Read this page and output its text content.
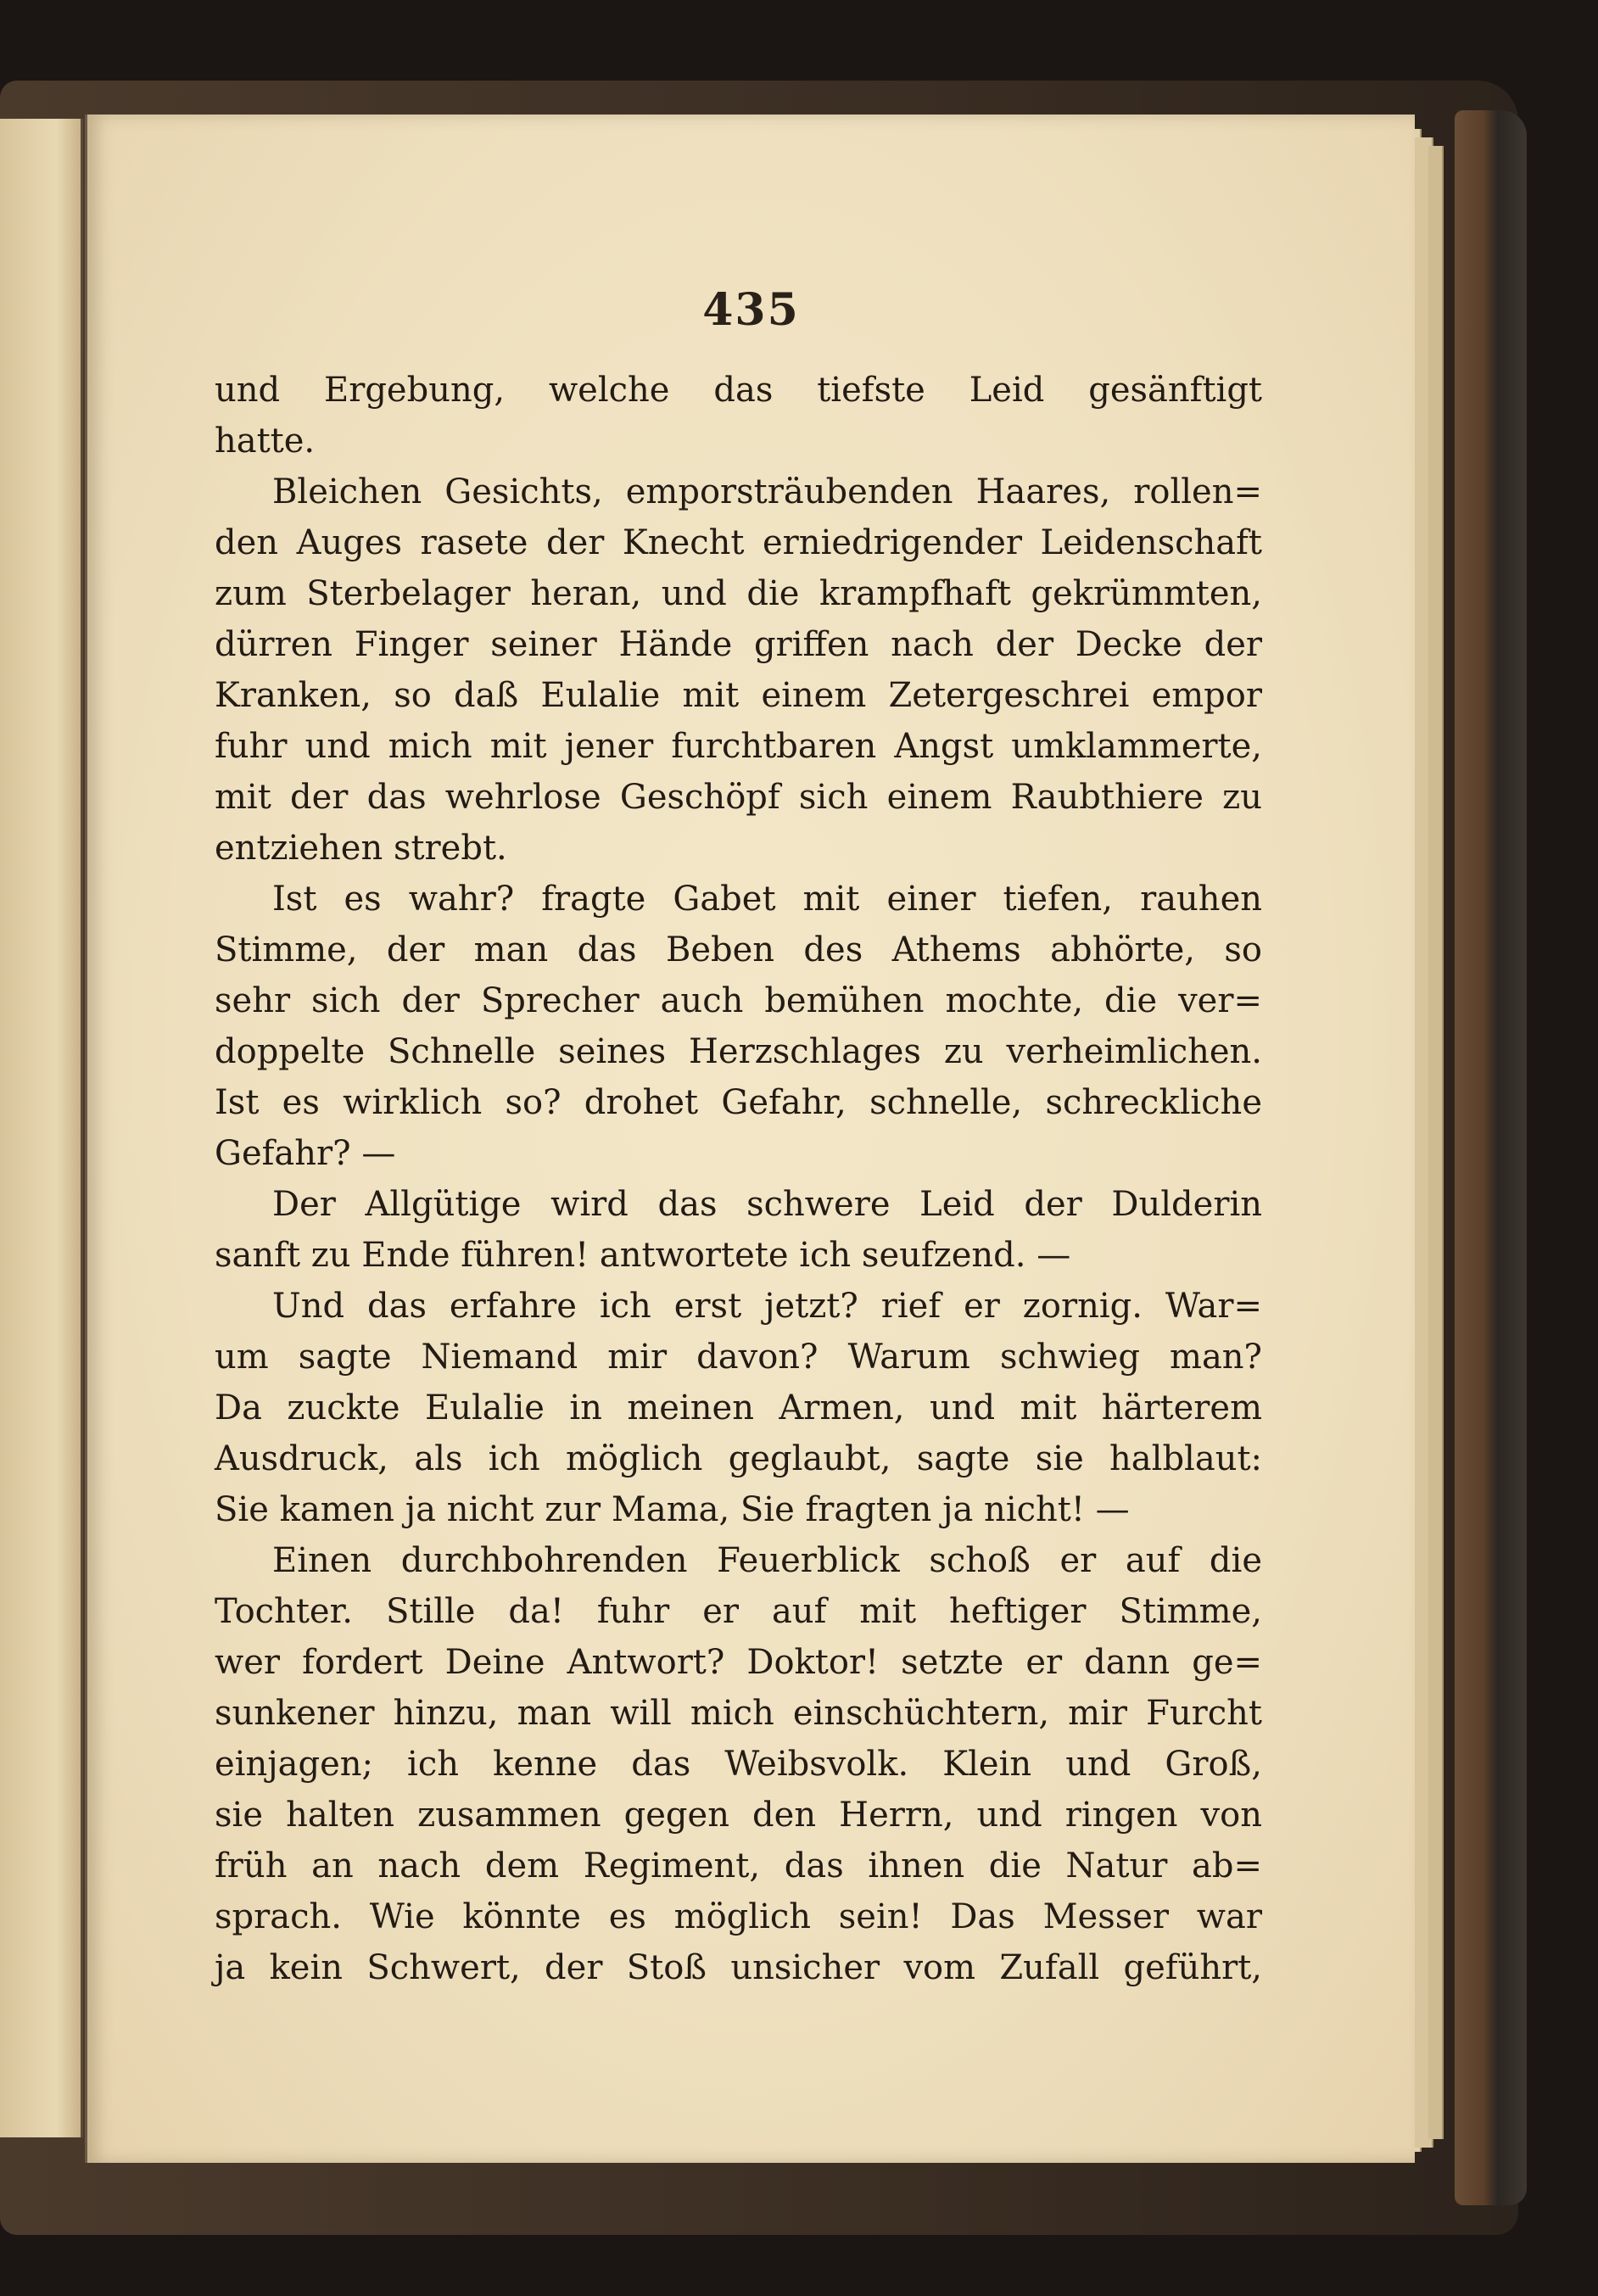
435
und Ergebung, welche das tiefste Leid gesänftigt
hatte.
Bleichen Gesichts, emporsträubenden Haares, rollen=
den Auges rasete der Knecht erniedrigender Leidenschaft
zum Sterbelager heran, und die krampfhaft gekrümmten,
dürren Finger seiner Hände griffen nach der Decke der
Kranken, so daß Eulalie mit einem Zetergeschrei empor
fuhr und mich mit jener furchtbaren Angst umklammerte,
mit der das wehrlose Geschöpf sich einem Raubthiere zu
entziehen strebt.
Ist es wahr? fragte Gabet mit einer tiefen, rauhen
Stimme, der man das Beben des Athems abhörte, so
sehr sich der Sprecher auch bemühen mochte, die ver=
doppelte Schnelle seines Herzschlages zu verheimlichen.
Ist es wirklich so? drohet Gefahr, schnelle, schreckliche
Gefahr? —
Der Allgütige wird das schwere Leid der Dulderin
sanft zu Ende führen! antwortete ich seufzend. —
Und das erfahre ich erst jetzt? rief er zornig. War=
um sagte Niemand mir davon? Warum schwieg man?
Da zuckte Eulalie in meinen Armen, und mit härterem
Ausdruck, als ich möglich geglaubt, sagte sie halblaut:
Sie kamen ja nicht zur Mama, Sie fragten ja nicht! —
Einen durchbohrenden Feuerblick schoß er auf die
Tochter. Stille da! fuhr er auf mit heftiger Stimme,
wer fordert Deine Antwort? Doktor! setzte er dann ge=
sunkener hinzu, man will mich einschüchtern, mir Furcht
einjagen; ich kenne das Weibsvolk. Klein und Groß,
sie halten zusammen gegen den Herrn, und ringen von
früh an nach dem Regiment, das ihnen die Natur ab=
sprach. Wie könnte es möglich sein! Das Messer war
ja kein Schwert, der Stoß unsicher vom Zufall geführt,
